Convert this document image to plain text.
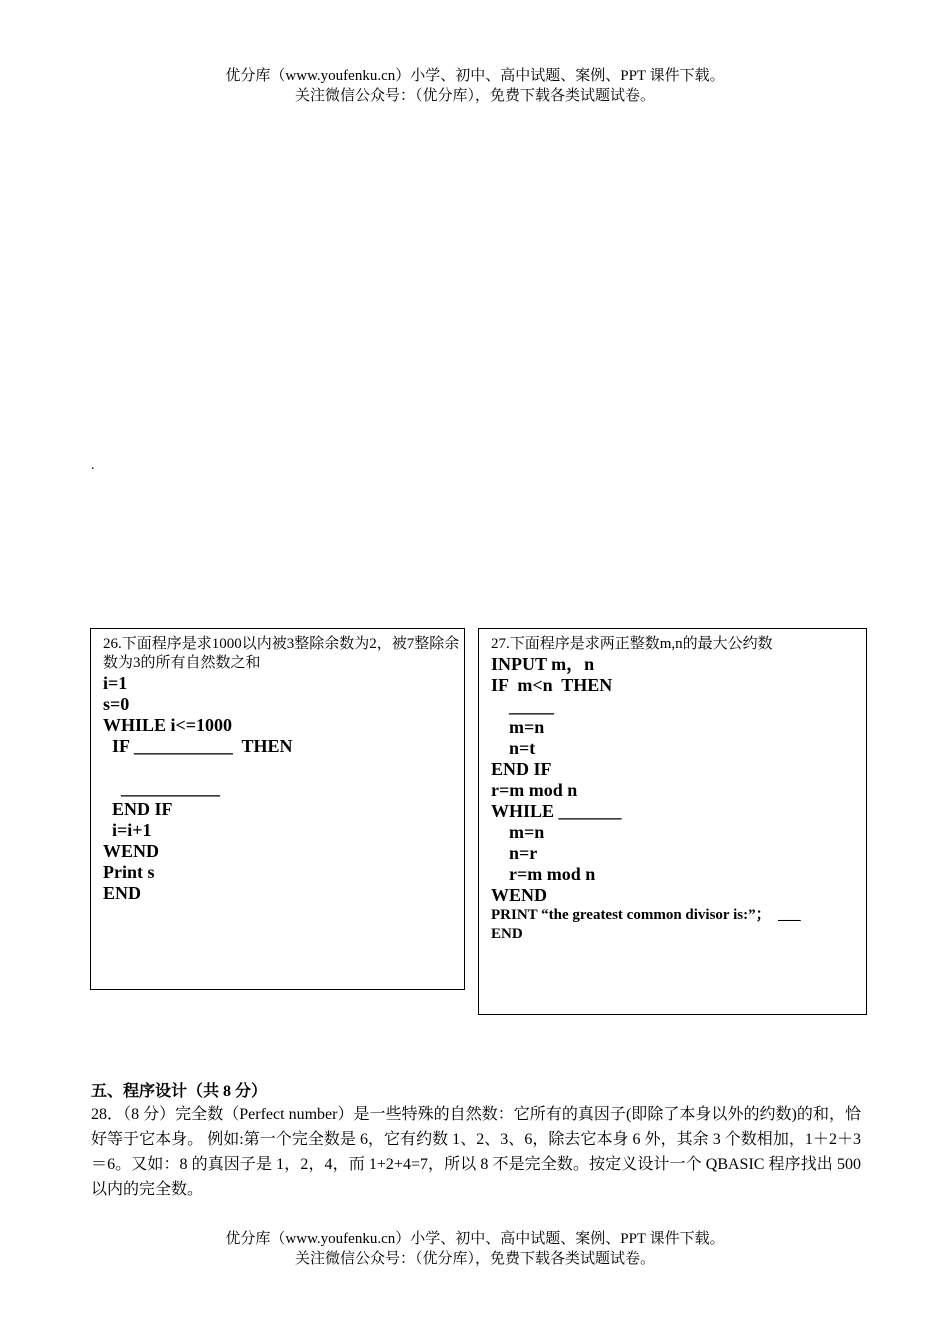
优分库（www.youfenku.cn）小学、初中、高中试题、案例、PPT 课件下载。
关注微信公众号：（优分库），免费下载各类试题试卷。
.
26.下面程序是求1000以内被3整除余数为2，被7整除余数为3的所有自然数之和
i=1
s=0
WHILE i<=1000
IF ___________  THEN

___________
END IF
i=i+1
WEND
Print s
END
27.下面程序是求两正整数m,n的最大公约数
INPUT m，n
IF  m<n  THEN
_____
m=n
n=t
END IF
r=m mod n
WHILE _______
m=n
n=r
r=m mod n
WEND
PRINT “the greatest common divisor is:”；  ___
END
五、程序设计（共 8 分）

28．（8 分）完全数（Perfect number）是一些特殊的自然数：它所有的真因子(即除了本身以外的约数)的和，恰好等于它本身。 例如:第一个完全数是 6，它有约数 1、2、3、6，除去它本身 6 外，其余 3 个数相加，1＋2＋3＝6。又如：8 的真因子是 1，2，4，而 1+2+4=7，所以 8 不是完全数。按定义设计一个 QBASIC 程序找出 500 以内的完全数。

优分库（www.youfenku.cn）小学、初中、高中试题、案例、PPT 课件下载。
关注微信公众号：（优分库），免费下载各类试题试卷。
